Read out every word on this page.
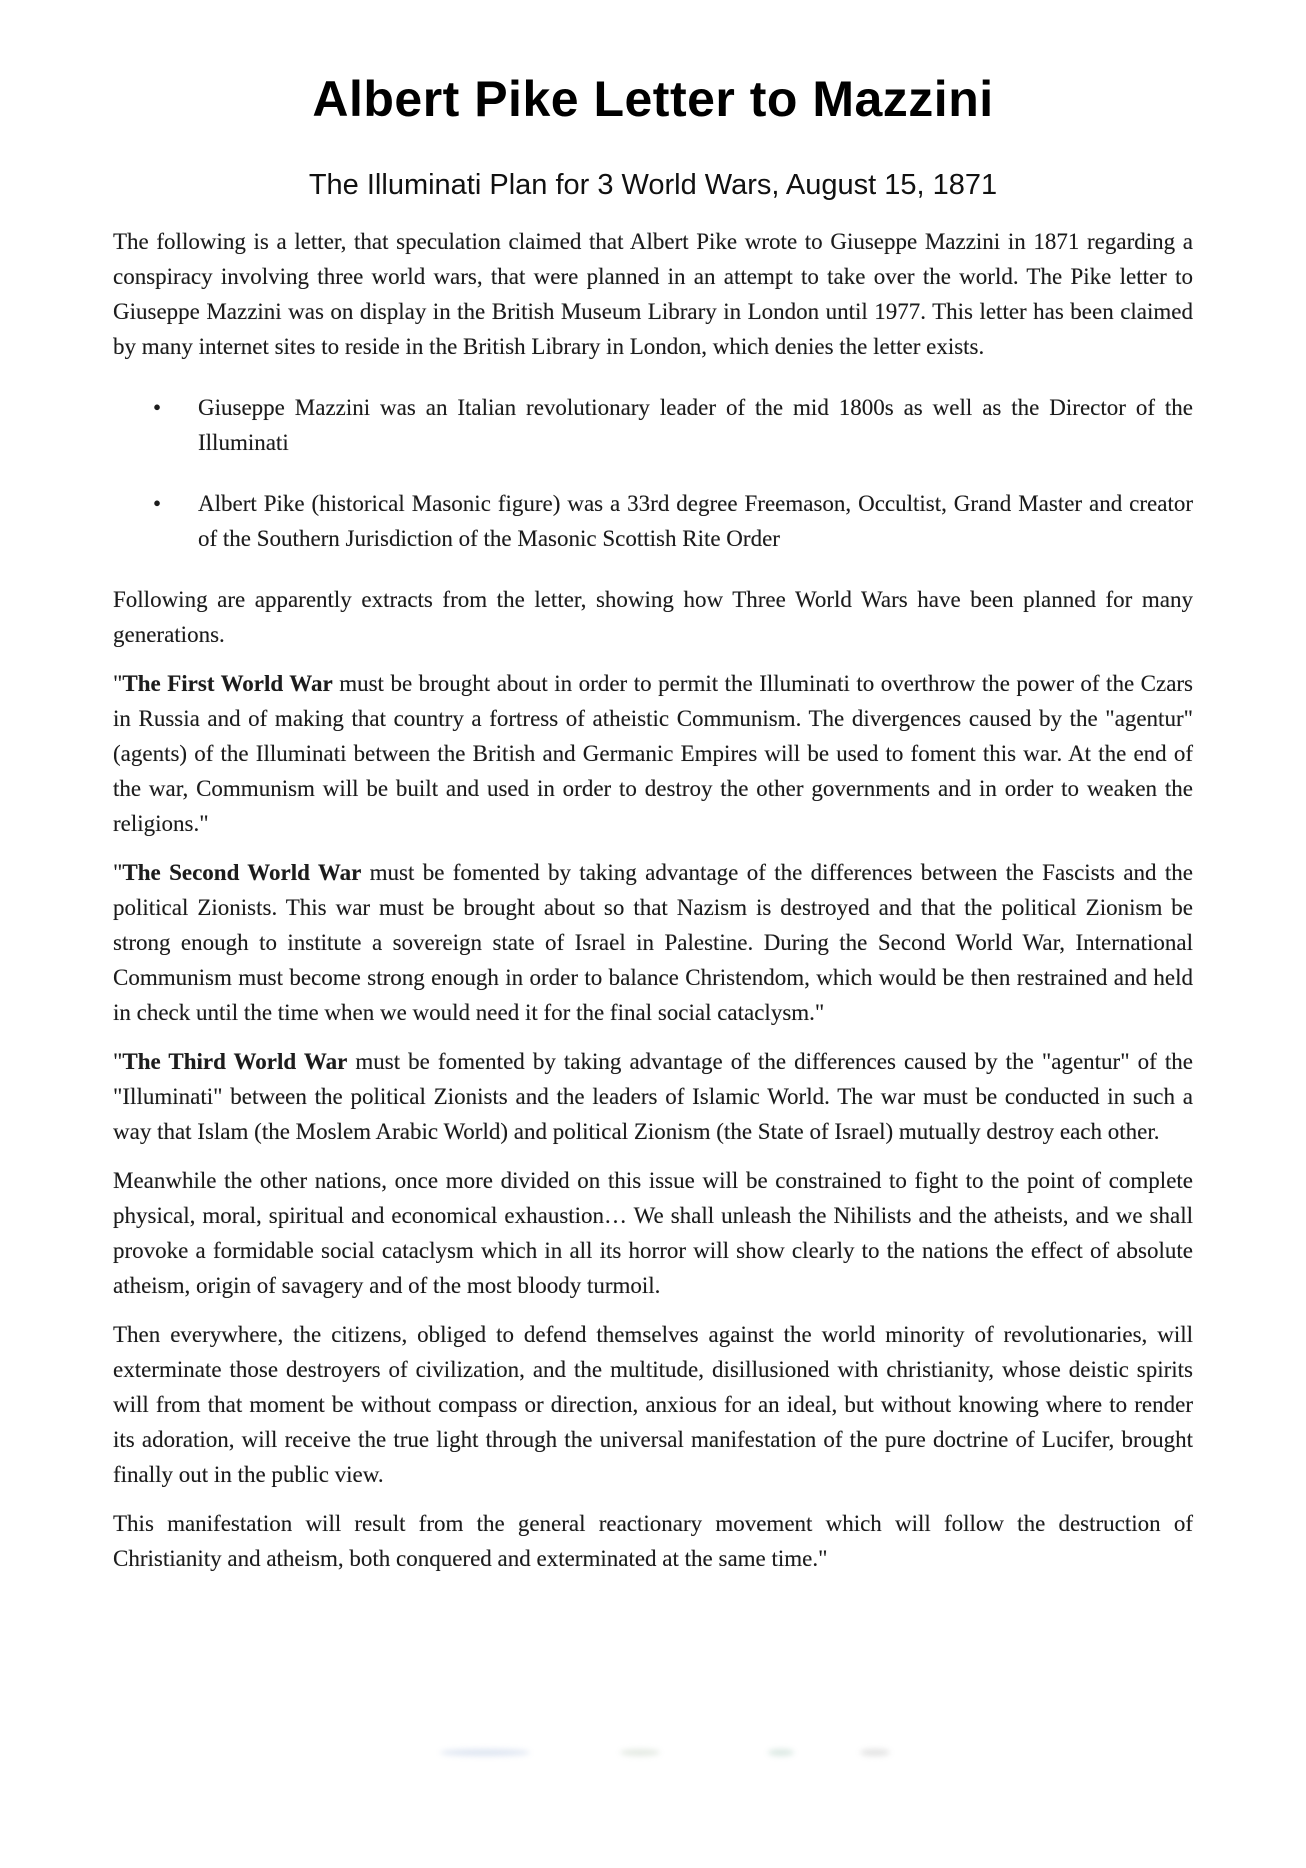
Albert Pike Letter to Mazzini
The Illuminati Plan for 3 World Wars, August 15, 1871

The following is a letter, that speculation claimed that Albert Pike wrote to Giuseppe Mazzini in 1871 regarding a conspiracy involving three world wars, that were planned in an attempt to take over the world. The Pike letter to Giuseppe Mazzini was on display in the British Museum Library in London until 1977. This letter has been claimed by many internet sites to reside in the British Library in London, which denies the letter exists.

• Giuseppe Mazzini was an Italian revolutionary leader of the mid 1800s as well as the Director of the Illuminati
• Albert Pike (historical Masonic figure) was a 33rd degree Freemason, Occultist, Grand Master and creator of the Southern Jurisdiction of the Masonic Scottish Rite Order

Following are apparently extracts from the letter, showing how Three World Wars have been planned for many generations.

"The First World War must be brought about in order to permit the Illuminati to overthrow the power of the Czars in Russia and of making that country a fortress of atheistic Communism. The divergences caused by the "agentur" (agents) of the Illuminati between the British and Germanic Empires will be used to foment this war. At the end of the war, Communism will be built and used in order to destroy the other governments and in order to weaken the religions."

"The Second World War must be fomented by taking advantage of the differences between the Fascists and the political Zionists. This war must be brought about so that Nazism is destroyed and that the political Zionism be strong enough to institute a sovereign state of Israel in Palestine. During the Second World War, International Communism must become strong enough in order to balance Christendom, which would be then restrained and held in check until the time when we would need it for the final social cataclysm."

"The Third World War must be fomented by taking advantage of the differences caused by the "agentur" of the "Illuminati" between the political Zionists and the leaders of Islamic World. The war must be conducted in such a way that Islam (the Moslem Arabic World) and political Zionism (the State of Israel) mutually destroy each other.

Meanwhile the other nations, once more divided on this issue will be constrained to fight to the point of complete physical, moral, spiritual and economical exhaustion… We shall unleash the Nihilists and the atheists, and we shall provoke a formidable social cataclysm which in all its horror will show clearly to the nations the effect of absolute atheism, origin of savagery and of the most bloody turmoil.

Then everywhere, the citizens, obliged to defend themselves against the world minority of revolutionaries, will exterminate those destroyers of civilization, and the multitude, disillusioned with christianity, whose deistic spirits will from that moment be without compass or direction, anxious for an ideal, but without knowing where to render its adoration, will receive the true light through the universal manifestation of the pure doctrine of Lucifer, brought finally out in the public view.

This manifestation will result from the general reactionary movement which will follow the destruction of Christianity and atheism, both conquered and exterminated at the same time."
